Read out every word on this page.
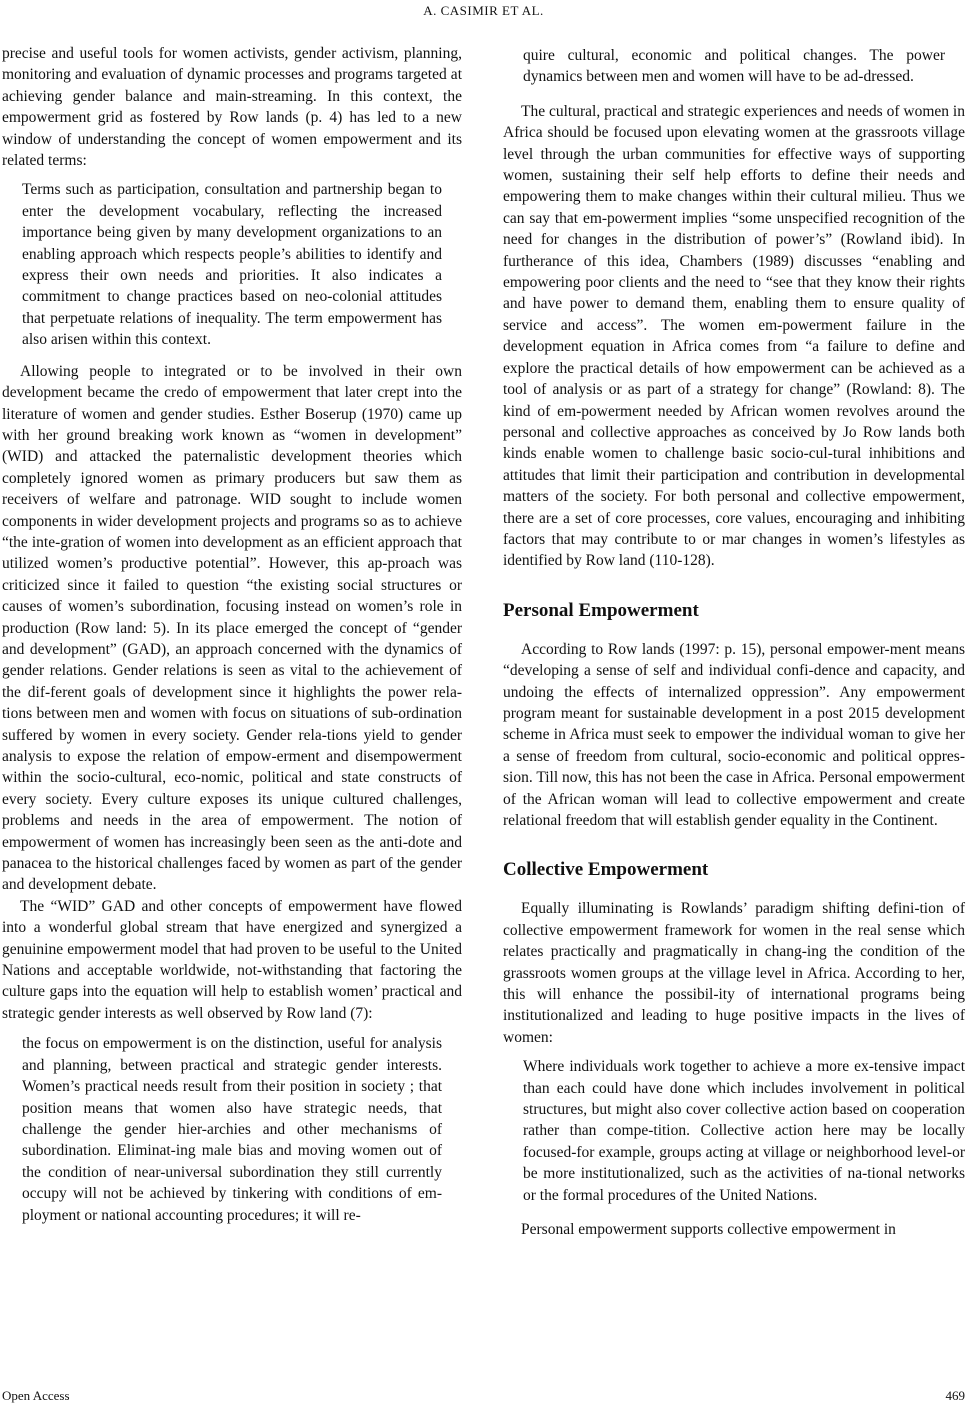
A. CASIMIR ET AL.

precise and useful tools for women activists, gender activism, planning, monitoring and evaluation of dynamic processes and programs targeted at achieving gender balance and main-streaming. In this context, the empowerment grid as fostered by Row lands (p. 4) has led to a new window of understanding the concept of women empowerment and its related terms:

Terms such as participation, consultation and partnership began to enter the development vocabulary, reflecting the increased importance being given by many development organizations to an enabling approach which respects people’s abilities to identify and express their own needs and priorities. It also indicates a commitment to change practices based on neo-colonial attitudes that perpetuate relations of inequality. The term empowerment has also arisen within this context.

Allowing people to integrated or to be involved in their own development became the credo of empowerment that later crept into the literature of women and gender studies. Esther Boserup (1970) came up with her ground breaking work known as “women in development” (WID) and attacked the paternalistic development theories which completely ignored women as primary producers but saw them as receivers of welfare and patronage. WID sought to include women components in wider development projects and programs so as to achieve “the inte-gration of women into development as an efficient approach that utilized women’s productive potential”. However, this ap-proach was criticized since it failed to question “the existing social structures or causes of women’s subordination, focusing instead on women’s role in production (Row land: 5). In its place emerged the concept of “gender and development” (GAD), an approach concerned with the dynamics of gender relations. Gender relations is seen as vital to the achievement of the dif-ferent goals of development since it highlights the power rela-tions between men and women with focus on situations of sub-ordination suffered by women in every society. Gender rela-tions yield to gender analysis to expose the relation of empow-erment and disempowerment within the socio-cultural, eco-nomic, political and state constructs of every society. Every culture exposes its unique cultured challenges, problems and needs in the area of empowerment. The notion of empowerment of women has increasingly been seen as the anti-dote and panacea to the historical challenges faced by women as part of the gender and development debate.

The “WID” GAD and other concepts of empowerment have flowed into a wonderful global stream that have energized and synergized a genuinine empowerment model that had proven to be useful to the United Nations and acceptable worldwide, not-withstanding that factoring the culture gaps into the equation will help to establish women’ practical and strategic gender interests as well observed by Row land (7):

the focus on empowerment is on the distinction, useful for analysis and planning, between practical and strategic gender interests. Women’s practical needs result from their position in society ; that position means that women also have strategic needs, that challenge the gender hier-archies and other mechanisms of subordination. Eliminat-ing male bias and moving women out of the condition of near-universal subordination they still currently occupy will not be achieved by tinkering with conditions of em-ployment or national accounting procedures; it will re-
quire cultural, economic and political changes. The power dynamics between men and women will have to be ad-dressed.

The cultural, practical and strategic experiences and needs of women in Africa should be focused upon elevating women at the grassroots village level through the urban communities for effective ways of supporting women, sustaining their self help efforts to define their needs and empowering them to make changes within their cultural milieu. Thus we can say that em-powerment implies “some unspecified recognition of the need for changes in the distribution of power’s” (Rowland ibid). In furtherance of this idea, Chambers (1989) discusses “enabling and empowering poor clients and the need to “see that they know their rights and have power to demand them, enabling them to ensure quality of service and access”. The women em-powerment failure in the development equation in Africa comes from “a failure to define and explore the practical details of how empowerment can be achieved as a tool of analysis or as part of a strategy for change” (Rowland: 8). The kind of em-powerment needed by African women revolves around the personal and collective approaches as conceived by Jo Row lands both kinds enable women to challenge basic socio-cul-tural inhibitions and attitudes that limit their participation and contribution in developmental matters of the society. For both personal and collective empowerment, there are a set of core processes, core values, encouraging and inhibiting factors that may contribute to or mar changes in women’s lifestyles as identified by Row land (110-128).

Personal Empowerment

According to Row lands (1997: p. 15), personal empower-ment means “developing a sense of self and individual confi-dence and capacity, and undoing the effects of internalized oppression”. Any empowerment program meant for sustainable development in a post 2015 development scheme in Africa must seek to empower the individual woman to give her a sense of freedom from cultural, socio-economic and political oppres-sion. Till now, this has not been the case in Africa. Personal empowerment of the African woman will lead to collective empowerment and create relational freedom that will establish gender equality in the Continent.

Collective Empowerment

Equally illuminating is Rowlands’ paradigm shifting defini-tion of collective empowerment framework for women in the real sense which relates practically and pragmatically in chang-ing the condition of the grassroots women groups at the village level in Africa. According to her, this will enhance the possibil-ity of international programs being institutionalized and leading to huge positive impacts in the lives of women:

Where individuals work together to achieve a more ex-tensive impact than each could have done which includes involvement in political structures, but might also cover collective action based on cooperation rather than compe-tition. Collective action here may be locally focused-for example, groups acting at village or neighborhood level-or be more institutionalized, such as the activities of na-tional networks or the formal procedures of the United Nations.

Personal empowerment supports collective empowerment in

Open Access	469
